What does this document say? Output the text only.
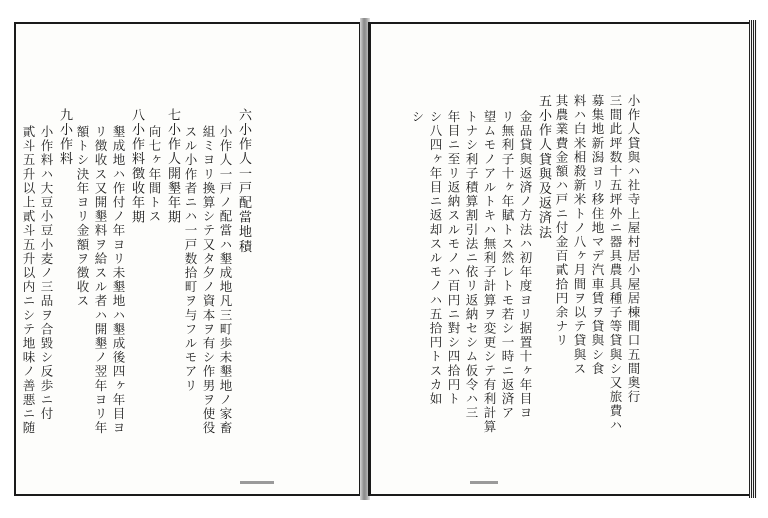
六小作人一戸配當地積
小作人一戸ノ配當ハ墾成地凡三町歩未墾地ノ家畜
組ミヨリ換算シテ又タ夕ノ資本ヲ有シ作男ヲ使役
スル小作者ニハ一戸数拾町ヲ与フルモアリ
七小作人開墾年期
向七ヶ年間トス
八小作料徴收年期
墾成地ハ作付ノ年ヨリ未墾地ハ墾成後四ヶ年目ヨ
リ徴收ス又開墾料ヲ給スル者ハ開墾ノ翌年ヨリ年
額トシ決年ヨリ金額ヲ徴收ス
九小作料
小作料ハ大豆小豆小麦ノ三品ヲ合毀シ反歩ニ付
貳斗五升以上貳斗五升以内ニシテ地味ノ善悪ニ随	小作人貸與ハ社寺上屋村居小屋居棟間口五間奥行
三間此坪数十五坪外ニ器具農具種子等貸與シ又旅費ハ
募集地新潟ヨリ移住地マデ汽車賃ヲ貸與シ食
料ハ白米相殺新米トノ八ヶ月間ヲ以テ貸與ス
其農業費金額ハ戸ニ付金百貳拾円余ナリ
五小作人貸與及返済法
金品貸與返済ノ方法ハ初年度ヨリ据置十ヶ年目ヨ
リ無利子十ヶ年賦トス然レトモ若シ一時ニ返済ア
望ムモノアルトキハ無利子計算ヲ変更シテ有利計算
トナシ利子積算割引法ニ依リ返納セシム仮令ハ三
年目ニ至リ返納スルモノハ百円ニ對シ四拾円ト
シ八四ヶ年目ニ返却スルモノハ五拾円トスカ如
シ
